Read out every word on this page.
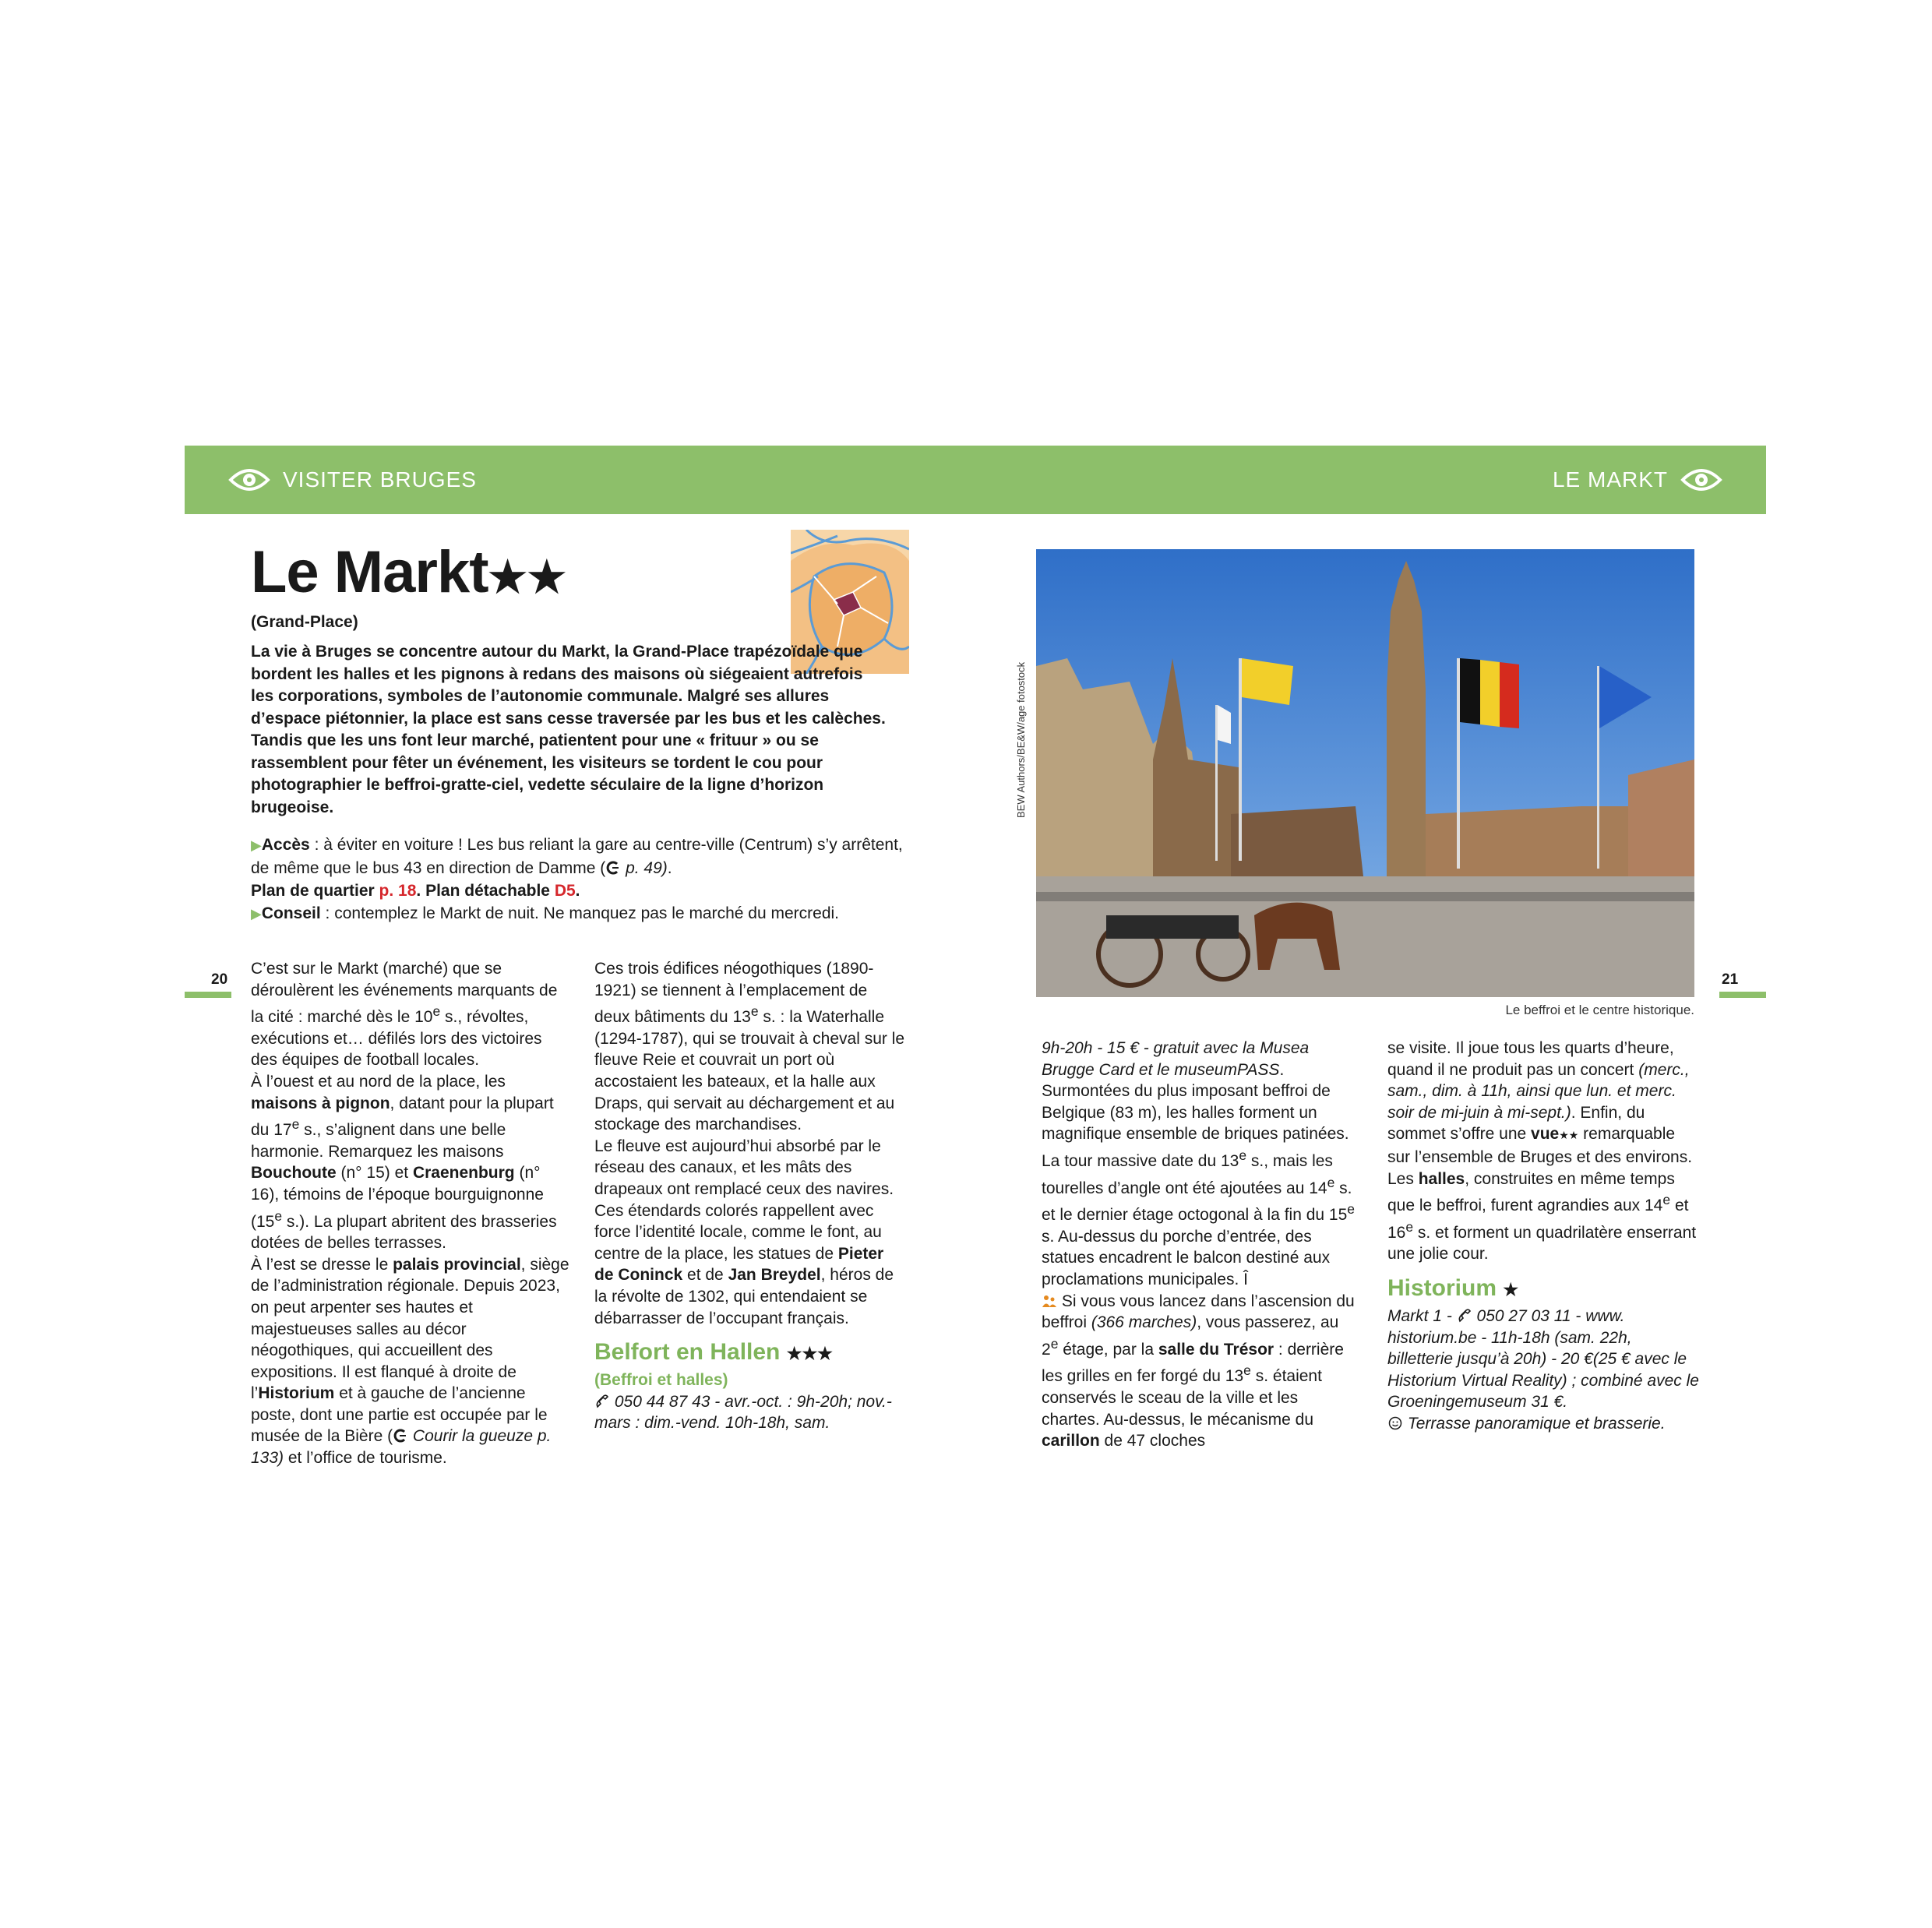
VISITER BRUGES	LE MARKT
20	21
Le Markt★★
(Grand-Place)
La vie à Bruges se concentre autour du Markt, la Grand-Place trapézoïdale que bordent les halles et les pignons à redans des maisons où siégeaient autrefois les corporations, symboles de l’autonomie communale. Malgré ses allures d’espace piétonnier, la place est sans cesse traversée par les bus et les calèches. Tandis que les uns font leur marché, patientent pour une « frituur » ou se rassemblent pour fêter un événement, les visiteurs se tordent le cou pour photographier le beffroi-gratte-ciel, vedette séculaire de la ligne d’horizon brugeoise.
▶Accès : à éviter en voiture ! Les bus reliant la gare au centre-ville (Centrum) s’y arrêtent, de même que le bus 43 en direction de Damme ( p. 49).
Plan de quartier p. 18. Plan détachable D5.
▶Conseil : contemplez le Markt de nuit. Ne manquez pas le marché du mercredi.

C’est sur le Markt (marché) que se déroulèrent les événements marquants de la cité : marché dès le 10e s., révoltes, exécutions et… défilés lors des victoires des équipes de football locales.

À l’ouest et au nord de la place, les maisons à pignon, datant pour la plupart du 17e s., s’alignent dans une belle harmonie. Remarquez les maisons Bouchoute (n° 15) et Craenenburg (n° 16), témoins de l’époque bourguignonne (15e s.). La plupart abritent des brasseries dotées de belles terrasses.

À l’est se dresse le palais provincial, siège de l’administration régionale. Depuis 2023, on peut arpenter ses hautes et majestueuses salles au décor néogothiques, qui accueillent des expositions. Il est flanqué à droite de l’Historium et à gauche de l’ancienne poste, dont une partie est occupée par le musée de la Bière ( Courir la gueuze p. 133) et l’office de tourisme.

Ces trois édifices néogothiques (1890-1921) se tiennent à l’emplacement de deux bâtiments du 13e s. : la Waterhalle (1294-1787), qui se trouvait à cheval sur le fleuve Reie et couvrait un port où accostaient les bateaux, et la halle aux Draps, qui servait au déchargement et au stockage des marchandises.

Le fleuve est aujourd’hui absorbé par le réseau des canaux, et les mâts des drapeaux ont remplacé ceux des navires. Ces étendards colorés rappellent avec force l’identité locale, comme le font, au centre de la place, les statues de Pieter de Coninck et de Jan Breydel, héros de la révolte de 1302, qui entendaient se débarrasser de l’occupant français.

Belfort en Hallen ★★★
(Beffroi et halles)

050 44 87 43 - avr.-oct. : 9h-20h; nov.-mars : dim.-vend. 10h-18h, sam.

BEW Authors/BE&W/age fotostock
Le beffroi et le centre historique.

9h-20h - 15 € - gratuit avec la Musea Brugge Card et le museumPASS.

Surmontées du plus imposant beffroi de Belgique (83 m), les halles forment un magnifique ensemble de briques patinées. La tour massive date du 13e s., mais les tourelles d’angle ont été ajoutées au 14e s. et le dernier étage octogonal à la fin du 15e s. Au-dessus du porche d’entrée, des statues encadrent le balcon destiné aux proclamations municipales. Î

Si vous vous lancez dans l’ascension du beffroi (366 marches), vous passerez, au 2e étage, par la salle du Trésor : derrière les grilles en fer forgé du 13e s. étaient conservés le sceau de la ville et les chartes. Au-dessus, le mécanisme du carillon de 47 cloches

se visite. Il joue tous les quarts d’heure, quand il ne produit pas un concert (merc., sam., dim. à 11h, ainsi que lun. et merc. soir de mi-juin à mi-sept.). Enfin, du sommet s’offre une vue★★ remarquable sur l’ensemble de Bruges et des environs.

Les halles, construites en même temps que le beffroi, furent agrandies aux 14e et 16e s. et forment un quadrilatère enserrant une jolie cour.

Historium ★

Markt 1 -  050 27 03 11 - www. historium.be - 11h-18h (sam. 22h, billetterie jusqu’à 20h) - 20 €(25 € avec le Historium Virtual Reality) ; combiné avec le Groeningemuseum 31 €.

Terrasse panoramique et brasserie.
